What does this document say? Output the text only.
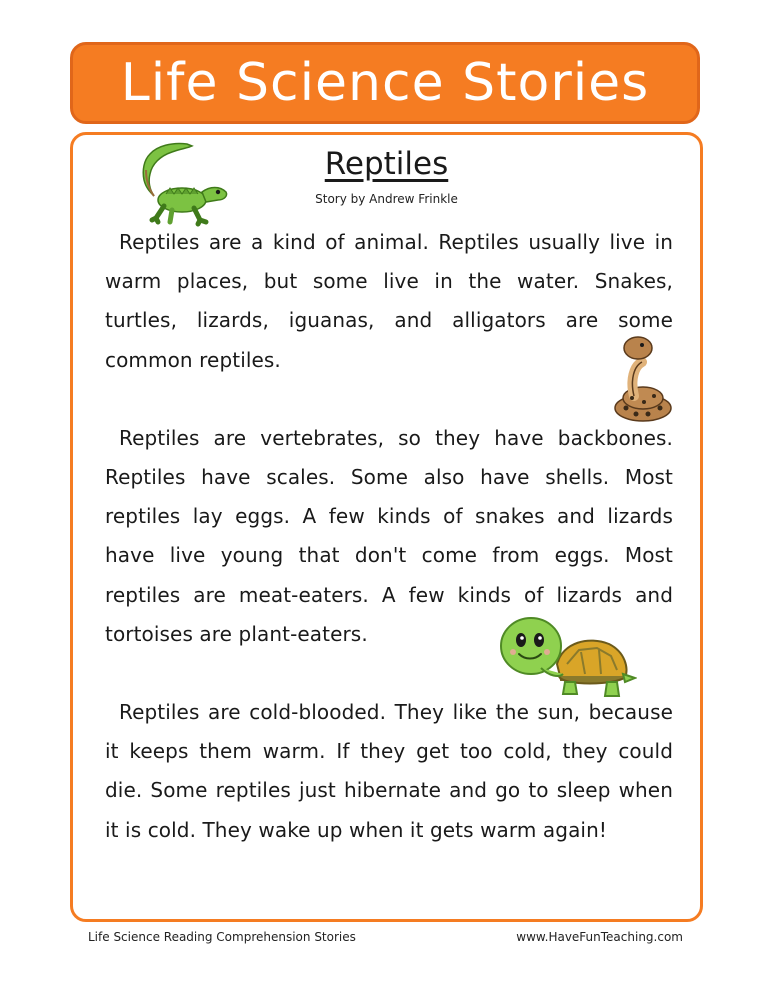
Life Science Stories
Reptiles
Story by Andrew Frinkle

Reptiles are a kind of animal. Reptiles usually live in warm places, but some live in the water. Snakes, turtles, lizards, iguanas, and alligators are some common reptiles.

Reptiles are vertebrates, so they have backbones. Reptiles have scales. Some also have shells. Most reptiles lay eggs. A few kinds of snakes and lizards have live young that don't come from eggs. Most reptiles are meat-eaters. A few kinds of lizards and tortoises are plant-eaters.

Reptiles are cold-blooded. They like the sun, because it keeps them warm. If they get too cold, they could die. Some reptiles just hibernate and go to sleep when it is cold. They wake up when it gets warm again!

Life Science Reading Comprehension Stories	www.HaveFunTeaching.com
